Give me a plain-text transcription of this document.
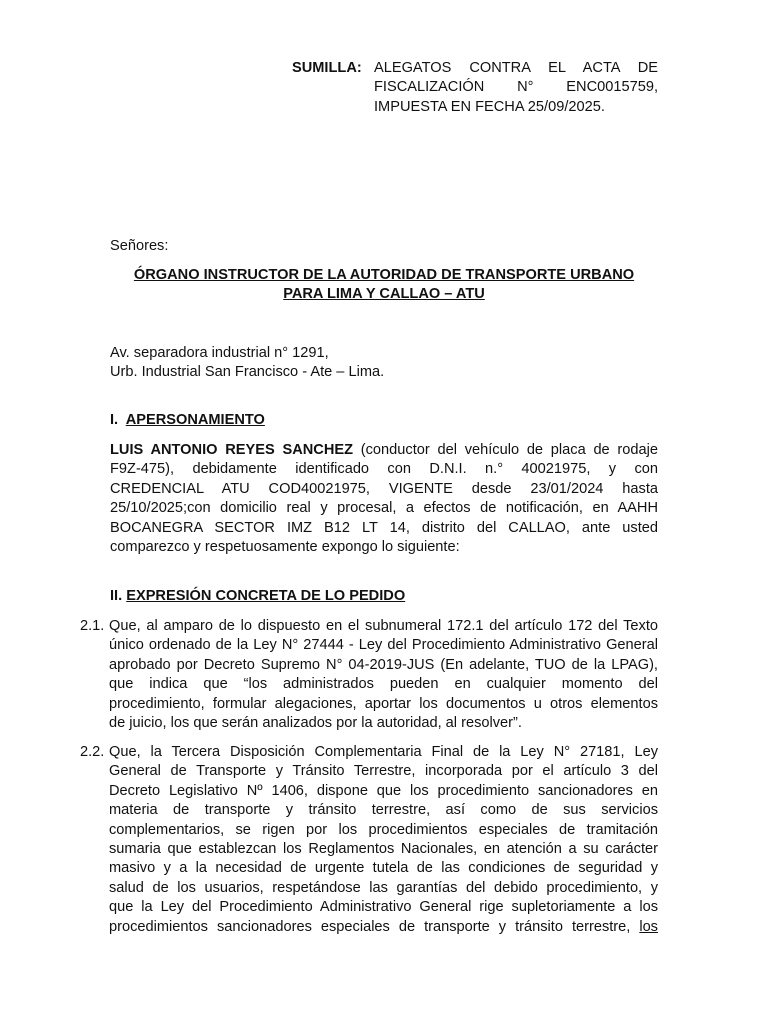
SUMILLA: ALEGATOS CONTRA EL ACTA DE
FISCALIZACIÓN N° ENC0015759,
IMPUESTA EN FECHA 25/09/2025.
Señores:
ÓRGANO INSTRUCTOR DE LA AUTORIDAD DE TRANSPORTE URBANO
PARA LIMA Y CALLAO – ATU
Av. separadora industrial n° 1291,
Urb. Industrial San Francisco - Ate – Lima.
I. APERSONAMIENTO
LUIS ANTONIO REYES SANCHEZ (conductor del vehículo de placa de rodaje
F9Z-475), debidamente identificado con D.N.I. n.° 40021975, y con
CREDENCIAL ATU COD40021975, VIGENTE desde 23/01/2024 hasta
25/10/2025;con domicilio real y procesal, a efectos de notificación, en AAHH
BOCANEGRA SECTOR IMZ B12 LT 14, distrito del CALLAO, ante usted
comparezco y respetuosamente expongo lo siguiente:
II. EXPRESIÓN CONCRETA DE LO PEDIDO
2.1. Que, al amparo de lo dispuesto en el subnumeral 172.1 del artículo 172 del Texto
único ordenado de la Ley N° 27444 - Ley del Procedimiento Administrativo General
aprobado por Decreto Supremo N° 04-2019-JUS (En adelante, TUO de la LPAG),
que indica que “los administrados pueden en cualquier momento del
procedimiento, formular alegaciones, aportar los documentos u otros elementos
de juicio, los que serán analizados por la autoridad, al resolver”.
2.2. Que, la Tercera Disposición Complementaria Final de la Ley N° 27181, Ley
General de Transporte y Tránsito Terrestre, incorporada por el artículo 3 del
Decreto Legislativo Nº 1406, dispone que los procedimiento sancionadores en
materia de transporte y tránsito terrestre, así como de sus servicios
complementarios, se rigen por los procedimientos especiales de tramitación
sumaria que establezcan los Reglamentos Nacionales, en atención a su carácter
masivo y a la necesidad de urgente tutela de las condiciones de seguridad y
salud de los usuarios, respetándose las garantías del debido procedimiento, y
que la Ley del Procedimiento Administrativo General rige supletoriamente a los
procedimientos sancionadores especiales de transporte y tránsito terrestre, los
